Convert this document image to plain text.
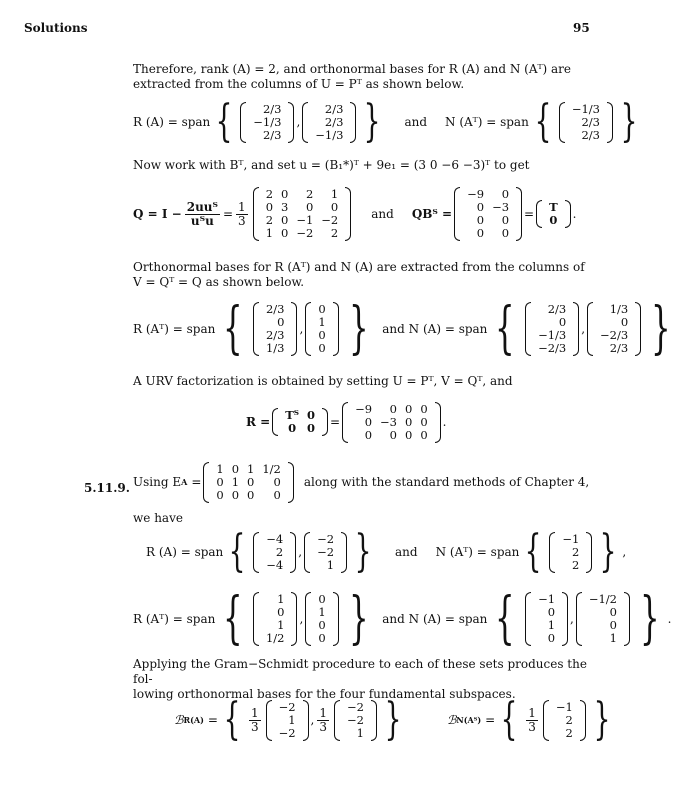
Solutions	95
Therefore, rank (A) = 2, and orthonormal bases for R (A) and N (Aᵀ) are
extracted from the columns of U = Pᵀ as shown below.
R (A) = span {	2/3
−1/3
2/3
,
2/3
2/3
−1/3 } and N (Aᵀ) = span { −1/3
2/3
2/3 }
Now work with Bᵀ, and set u = (B₁*)ᵀ + 9e₁ = (3 0 −6 −3)ᵀ to get
$Q = I - \frac{\text{2uuᵀ}}{\text{uᵀu}} = \frac{1}{3}$
2	0	2	1
0	3	0	0
2	0	−1	−2
1	0	−2	2
and QBᵀ =
−9	0
0	−3
0	0
0	0
= T
0 .
Orthonormal bases for R (Aᵀ) and N (A) are extracted from the columns of
V = Qᵀ = Q as shown below.
R (Aᵀ) = span { 2/3
0
2/3
1/3
,
0
1
0
0 } and N (A) = span {	2/3
0
−1/3
−2/3
,
1/3
0
−2/3
2/3 }
A URV factorization is obtained by setting U = Pᵀ, V = Qᵀ, and
R = Tᵀ	0
0	0 =
−9	0	0	0
0	−3	0	0
0	0	0	0
.
5.11.9. Using E A =
1	0	1	1/2
0	1	0	0
0	0	0	0
along with the standard methods of Chapter 4,
we have
R (A) = span { −4
2
−4
,
−2
−2
1 } and N (Aᵀ) = span { −1
2
2 } ,
R (Aᵀ) = span {	1
0
1
1/2
,
0
1
0
0 } and N (A) = span { −1
0
1
0
,
−1/2
0
0
1 } .
Applying the Gram−Schmidt procedure to each of these sets produces the fol-
lowing orthonormal bases for the four fundamental subspaces.
ℬ R(A) = { $\frac{1}{3} -2$
1
−2
, $\frac{1}{3} -2$
−2
1 }	ℬ N(Aᵀ) = { $\frac{1}{3} -1$
2
2 }
